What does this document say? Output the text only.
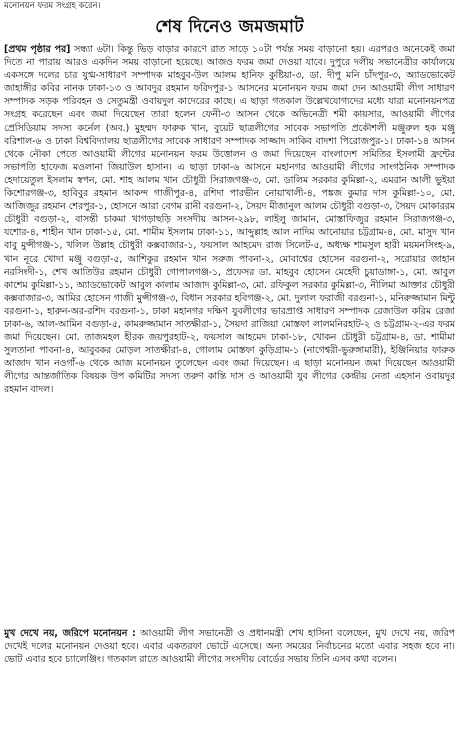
মনোনয়ন ফরম সংগ্রহ করেন।
শেষ দিনেও জমজমাট

[প্রথম পৃষ্ঠার পর] সন্ধ্যা ৬টা। কিন্তু ভিড় বাড়ার কারণে রাত সাড়ে ১০টা পর্যন্ত সময় বাড়ানো হয়। এরপরও অনেকেই জমা দিতে না পারায় আরও একদিন সময় বাড়ানো হয়েছে। আজও ফরম জমা দেওয়া যাবে। দুপুরে দলীয় সভানেত্রীর কার্যালয়ে একসঙ্গে দলের চার যুগ্ম-সাধারণ সম্পাদক মাহবুব-উল আলম হানিফ কুষ্টিয়া-৩, ডা. দীপু মনি চাঁদপুর-৩, অ্যাডভোকেট জাহাঙ্গীর কবির নানক ঢাকা-১৩ ও আবদুর রহমান ফরিদপুর-১ আসনের মনোনয়ন ফরম জমা দেন আওয়ামী লীগ সাধারণ সম্পাদক সড়ক পরিবহন ও সেতুমন্ত্রী ওবায়দুল কাদেরের কাছে। এ ছাড়া গতকাল উল্লেখযোগ্যদের মধ্যে যারা মনোনয়নপত্র সংগ্রহ করেছেন এবং জমা দিয়েছেন তারা হলেন ফেনী-৩ আসন থেকে অভিনেত্রী শমী কায়সার, আওয়ামী লীগের প্রেসিডিয়াম সদস্য কর্নেল (অব.) মুহম্মদ ফারুক খান, বুয়েট ছাত্রলীগের সাবেক সভাপতি প্রকৌশলী মঞ্জুরুল হক মঞ্জু বরিশাল-৬ ও ঢাকা বিশ্ববিদ্যালয় ছাত্রলীগের সাবেক সাধারণ সম্পাদক সাজ্জাদ সাকিব বাদশা পিরোজপুর-১। ঢাকা-১৪ আসন থেকে নৌকা পেতে আওয়ামী লীগের মনোনয়ন ফরম উত্তোলন ও জমা দিয়েছেন বাংলাদেশ সমিতির ইসলামী ফ্রন্টের সভাপতি হাফেজ মওলানা জিয়াউল হাসান। এ ছাড়া ঢাকা-৬ আসনে মহানগর আওয়ামী লীগের সাংগঠনিক সম্পাদক হেদায়েতুল ইসলাম স্বপন, মো. শাহ আলম খান চৌধুরী সিরাজগঞ্জ-৩, মো. ডালিম সরকার কুমিল্লা-২, এমরান আলী ভুইয়া কিশোরগঞ্জ-৩, হাবিবুর রহমান আকন্দ গাজীপুর-৪, রশিদা পারভীন নোয়াখালী-৪, পঙ্কজ কুমার দাস কুমিল্লা-১০, মো. আজিজুর রহমান শেরপুর-১, হোসনে আরা বেগম রানী বরগুনা-২, সৈয়দ মীজানুল আলম চৌধুরী বগুড়া-৩, সৈয়দ মোকাররম চৌধুরী বগুড়া-২, বাসন্তী চাকমা খাগড়াছড়ি সংসদীয় আসন-২৯৮, লাইলু জামান, মোস্তাফিজুর রহমান সিরাজগঞ্জ-৩, যশোর-৪, শাহীন খান ঢাকা-১৫, মো. শামীম ইসলাম ঢাকা-১১, আব্দুল্লাহ আল নাদিম আনোয়ার চট্টগ্রাম-৪, মো. মাসুদ খান বাবু মুন্সীগঞ্জ-১, খলিল উল্লাহ চৌধুরী কক্সবাজার-১, ফয়সাল আহমেদ রাজ সিলেট-৫, অধ্যক্ষ শামসুল হারী ময়মনসিংহ-৯, খান নূরে খোদা মঞ্জু বগুড়া-৫, আশিকুর রহমান খান সরুজ পাবনা-২, মোবাশ্বের হোসেন বরগুনা-২, সরোয়ার জাহান নরসিংদী-১, শেখ আতিউর রহমান চৌধুরী গোপালগঞ্জ-১, প্রফেসর ডা. মাহবুব হোসেন মেহেদী চুয়াডাঙ্গা-১, মো. আবুল কাশেম কুমিল্লা-১১, অ্যাডভোকেট আবুল কালাম আজাদ কুমিল্লা-৩, মো. রফিকুল সরকার কুমিল্লা-৩, নীলিমা আক্তার চৌধুরী কক্সবাজার-৩, আমির হোসেন গাজী মুন্সীগঞ্জ-৩, বিধান সরকার হবিগঞ্জ-২, মো. দুলাল ফরাজী বরগুনা-১, মনিরুজ্জামান মিন্টু বরগুনা-১, হারুন-অর-রশিদ বরগুনা-১, ঢাকা মহানগর দক্ষিণ যুবলীগের ভারপ্রাপ্ত সাধারণ সম্পাদক রেজাউল করিম রেজা ঢাকা-৬, আল-আমিন বগুড়া-৫, কামরুজ্জামান সাতক্ষীরা-১, সৈয়দা রাজিয়া মোস্তফা লালমনিরহাট-২ ও চট্টগ্রাম-২-এর ফরম জমা দিয়েছেন। মো. তাজমহল হীরক জয়পুরহাট-২, ফয়সাল আহমেদ ঢাকা-১৮, খোকন চৌধুরী চট্টগ্রাম-৪, ডা. শামীমা সুলতানা পাবনা-৪, আবুবকর মোড়ল সাতক্ষীরা-৪, গোলাম মোস্তফা কুড়িগ্রাম-১ (নাগেশ্বরী-ভুরুঙ্গামারী), ইঞ্জিনিয়ার ফারুক আজাদ খান নওগাঁ-৬ থেকে আজ মনোনয়ন তুলেছেন এবং জমা দিয়েছেন। এ ছাড়া মনোনয়ন জমা দিয়েছেন আওয়ামী লীগের আন্তর্জাতিক বিষয়ক উপ কমিটির সদস্য তরুণ কান্তি দাস ও আওয়ামী যুব লীগের কেন্দ্রীয় নেতা এহসান ওবায়দুর রহমান বাদল।

মুখ দেখে নয়, জরিপে মনোনয়ন : আওয়ামী লীগ সভানেত্রী ও প্রধানমন্ত্রী শেখ হাসিনা বলেছেন, মুখ দেখে নয়, জরিপ দেখেই দলের মনোনয়ন দেওয়া হবে। এবার একতরফা ভোটে এসেছে। অন্য সময়ের নির্বাচনের মতো এবার সহজ হবে না। ভোট এবার হবে চ্যালেঞ্জিং। গতকাল রাতে আওয়ামী লীগের সংসদীয় বোর্ডের সভায় তিনি এসব কথা বলেন।
